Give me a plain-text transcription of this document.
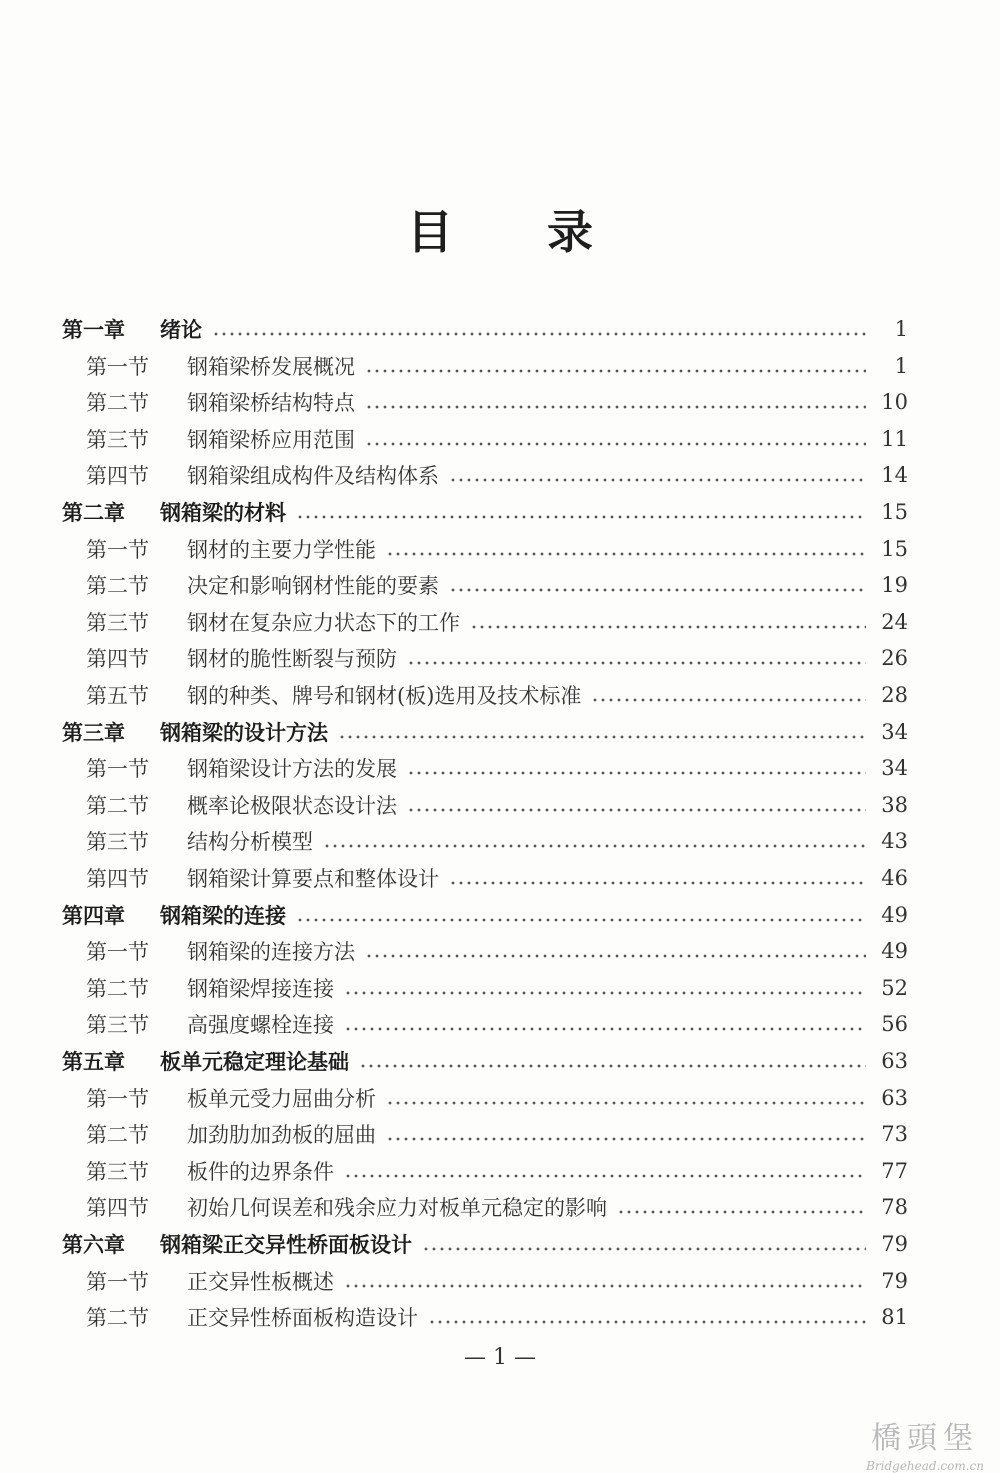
目录
第一章	绪论	1
第一节	钢箱梁桥发展概况	1
第二节	钢箱梁桥结构特点	10
第三节	钢箱梁桥应用范围	11
第四节	钢箱梁组成构件及结构体系	14
第二章	钢箱梁的材料	15
第一节	钢材的主要力学性能	15
第二节	决定和影响钢材性能的要素	19
第三节	钢材在复杂应力状态下的工作	24
第四节	钢材的脆性断裂与预防	26
第五节	钢的种类、牌号和钢材(板)选用及技术标准	28
第三章	钢箱梁的设计方法	34
第一节	钢箱梁设计方法的发展	34
第二节	概率论极限状态设计法	38
第三节	结构分析模型	43
第四节	钢箱梁计算要点和整体设计	46
第四章	钢箱梁的连接	49
第一节	钢箱梁的连接方法	49
第二节	钢箱梁焊接连接	52
第三节	高强度螺栓连接	56
第五章	板单元稳定理论基础	63
第一节	板单元受力屈曲分析	63
第二节	加劲肋加劲板的屈曲	73
第三节	板件的边界条件	77
第四节	初始几何误差和残余应力对板单元稳定的影响	78
第六章	钢箱梁正交异性桥面板设计	79
第一节	正交异性板概述	79
第二节	正交异性桥面板构造设计	81
— 1 —
橋頭堡
Bridgehead.com.cn
